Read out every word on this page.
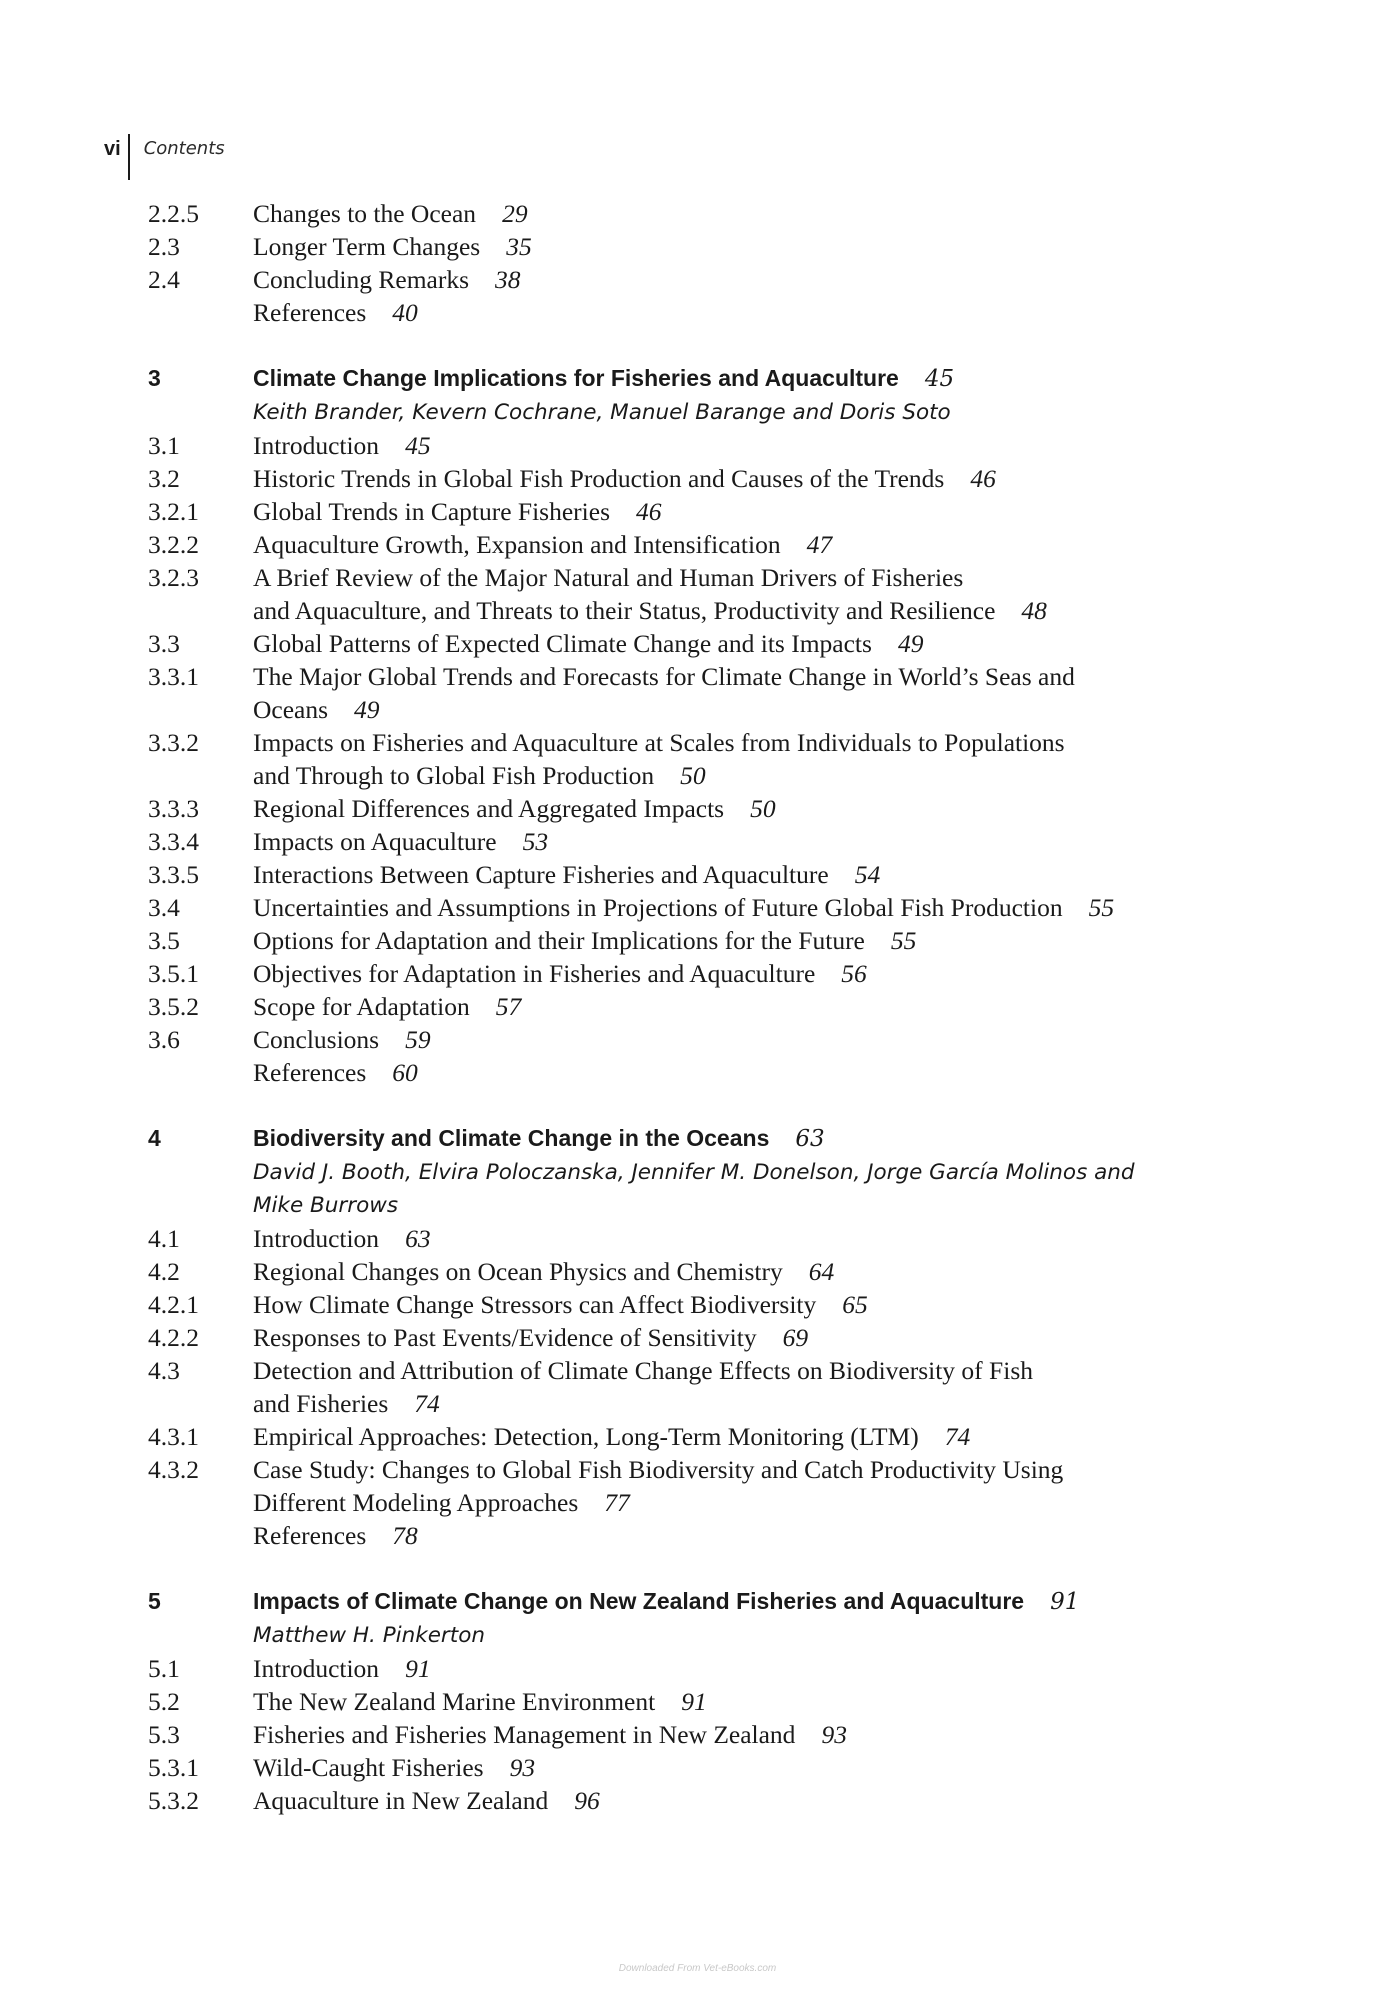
vi	Contents
2.2.5	Changes to the Ocean 29
2.3	Longer Term Changes 35
2.4	Concluding Remarks 38
References 40
3	Climate Change Implications for Fisheries and Aquaculture 45
Keith Brander, Kevern Cochrane, Manuel Barange and Doris Soto
3.1	Introduction 45
3.2	Historic Trends in Global Fish Production and Causes of the Trends 46
3.2.1	Global Trends in Capture Fisheries 46
3.2.2	Aquaculture Growth, Expansion and Intensification 47
3.2.3	A Brief Review of the Major Natural and Human Drivers of Fisheries
and Aquaculture, and Threats to their Status, Productivity and Resilience 48
3.3	Global Patterns of Expected Climate Change and its Impacts 49
3.3.1	The Major Global Trends and Forecasts for Climate Change in World’s Seas and
Oceans 49
3.3.2	Impacts on Fisheries and Aquaculture at Scales from Individuals to Populations
and Through to Global Fish Production 50
3.3.3	Regional Differences and Aggregated Impacts 50
3.3.4	Impacts on Aquaculture 53
3.3.5	Interactions Between Capture Fisheries and Aquaculture 54
3.4	Uncertainties and Assumptions in Projections of Future Global Fish Production 55
3.5	Options for Adaptation and their Implications for the Future 55
3.5.1	Objectives for Adaptation in Fisheries and Aquaculture 56
3.5.2	Scope for Adaptation 57
3.6	Conclusions 59
References 60
4	Biodiversity and Climate Change in the Oceans 63
David J. Booth, Elvira Poloczanska, Jennifer M. Donelson, Jorge García Molinos and
Mike Burrows
4.1	Introduction 63
4.2	Regional Changes on Ocean Physics and Chemistry 64
4.2.1	How Climate Change Stressors can Affect Biodiversity 65
4.2.2	Responses to Past Events/Evidence of Sensitivity 69
4.3	Detection and Attribution of Climate Change Effects on Biodiversity of Fish
and Fisheries 74
4.3.1	Empirical Approaches: Detection, Long-Term Monitoring (LTM) 74
4.3.2	Case Study: Changes to Global Fish Biodiversity and Catch Productivity Using
Different Modeling Approaches 77
References 78
5	Impacts of Climate Change on New Zealand Fisheries and Aquaculture 91
Matthew H. Pinkerton
5.1	Introduction 91
5.2	The New Zealand Marine Environment 91
5.3	Fisheries and Fisheries Management in New Zealand 93
5.3.1	Wild-Caught Fisheries 93
5.3.2	Aquaculture in New Zealand 96
Downloaded From Vet-eBooks.com
